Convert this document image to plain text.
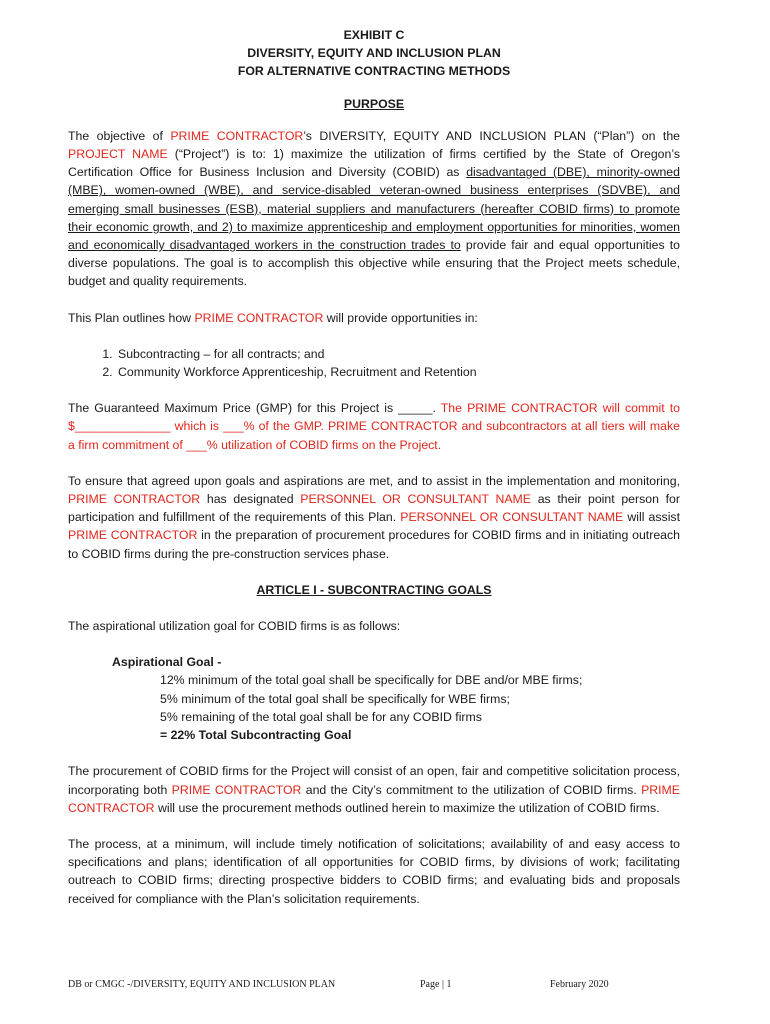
EXHIBIT C
DIVERSITY, EQUITY AND INCLUSION PLAN
FOR ALTERNATIVE CONTRACTING METHODS
PURPOSE

The objective of PRIME CONTRACTOR’s DIVERSITY, EQUITY AND INCLUSION PLAN (“Plan”) on the PROJECT NAME (“Project”) is to: 1) maximize the utilization of firms certified by the State of Oregon’s Certification Office for Business Inclusion and Diversity (COBID) as disadvantaged (DBE), minority-owned (MBE), women-owned (WBE), and service-disabled veteran-owned business enterprises (SDVBE), and emerging small businesses (ESB), material suppliers and manufacturers (hereafter COBID firms) to promote their economic growth, and 2) to maximize apprenticeship and employment opportunities for minorities, women and economically disadvantaged workers in the construction trades to provide fair and equal opportunities to diverse populations. The goal is to accomplish this objective while ensuring that the Project meets schedule, budget and quality requirements.

This Plan outlines how PRIME CONTRACTOR will provide opportunities in:

1. Subcontracting – for all contracts; and
2. Community Workforce Apprenticeship, Recruitment and Retention

The Guaranteed Maximum Price (GMP) for this Project is _____. The PRIME CONTRACTOR will commit to $______________ which is ___% of the GMP. PRIME CONTRACTOR and subcontractors at all tiers will make a firm commitment of ___% utilization of COBID firms on the Project.

To ensure that agreed upon goals and aspirations are met, and to assist in the implementation and monitoring, PRIME CONTRACTOR has designated PERSONNEL OR CONSULTANT NAME as their point person for participation and fulfillment of the requirements of this Plan. PERSONNEL OR CONSULTANT NAME will assist PRIME CONTRACTOR in the preparation of procurement procedures for COBID firms and in initiating outreach to COBID firms during the pre-construction services phase.

ARTICLE I - SUBCONTRACTING GOALS

The aspirational utilization goal for COBID firms is as follows:

Aspirational Goal -
12% minimum of the total goal shall be specifically for DBE and/or MBE firms;
5% minimum of the total goal shall be specifically for WBE firms;
5% remaining of the total goal shall be for any COBID firms
= 22% Total Subcontracting Goal

The procurement of COBID firms for the Project will consist of an open, fair and competitive solicitation process, incorporating both PRIME CONTRACTOR and the City’s commitment to the utilization of COBID firms. PRIME CONTRACTOR will use the procurement methods outlined herein to maximize the utilization of COBID firms.

The process, at a minimum, will include timely notification of solicitations; availability of and easy access to specifications and plans; identification of all opportunities for COBID firms, by divisions of work; facilitating outreach to COBID firms; directing prospective bidders to COBID firms; and evaluating bids and proposals received for compliance with the Plan’s solicitation requirements.

DB or CMGC -/DIVERSITY, EQUITY AND INCLUSION PLAN	Page | 1	February 2020
